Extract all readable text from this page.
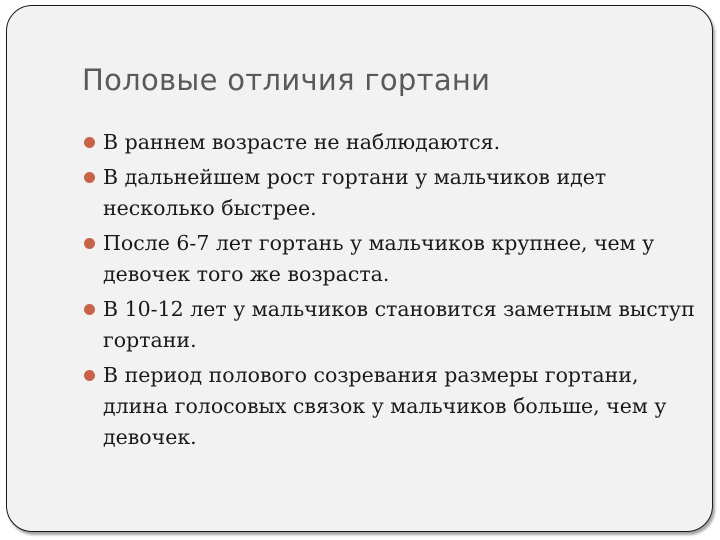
Половые отличия гортани
В раннем возрасте не наблюдаются.
В дальнейшем рост гортани у мальчиков идет несколько быстрее.
После 6-7 лет гортань у мальчиков крупнее, чем у девочек того же возраста.
В 10-12 лет у мальчиков становится заметным выступ гортани.
В период полового созревания размеры гортани, длина голосовых связок у мальчиков больше, чем у девочек.
